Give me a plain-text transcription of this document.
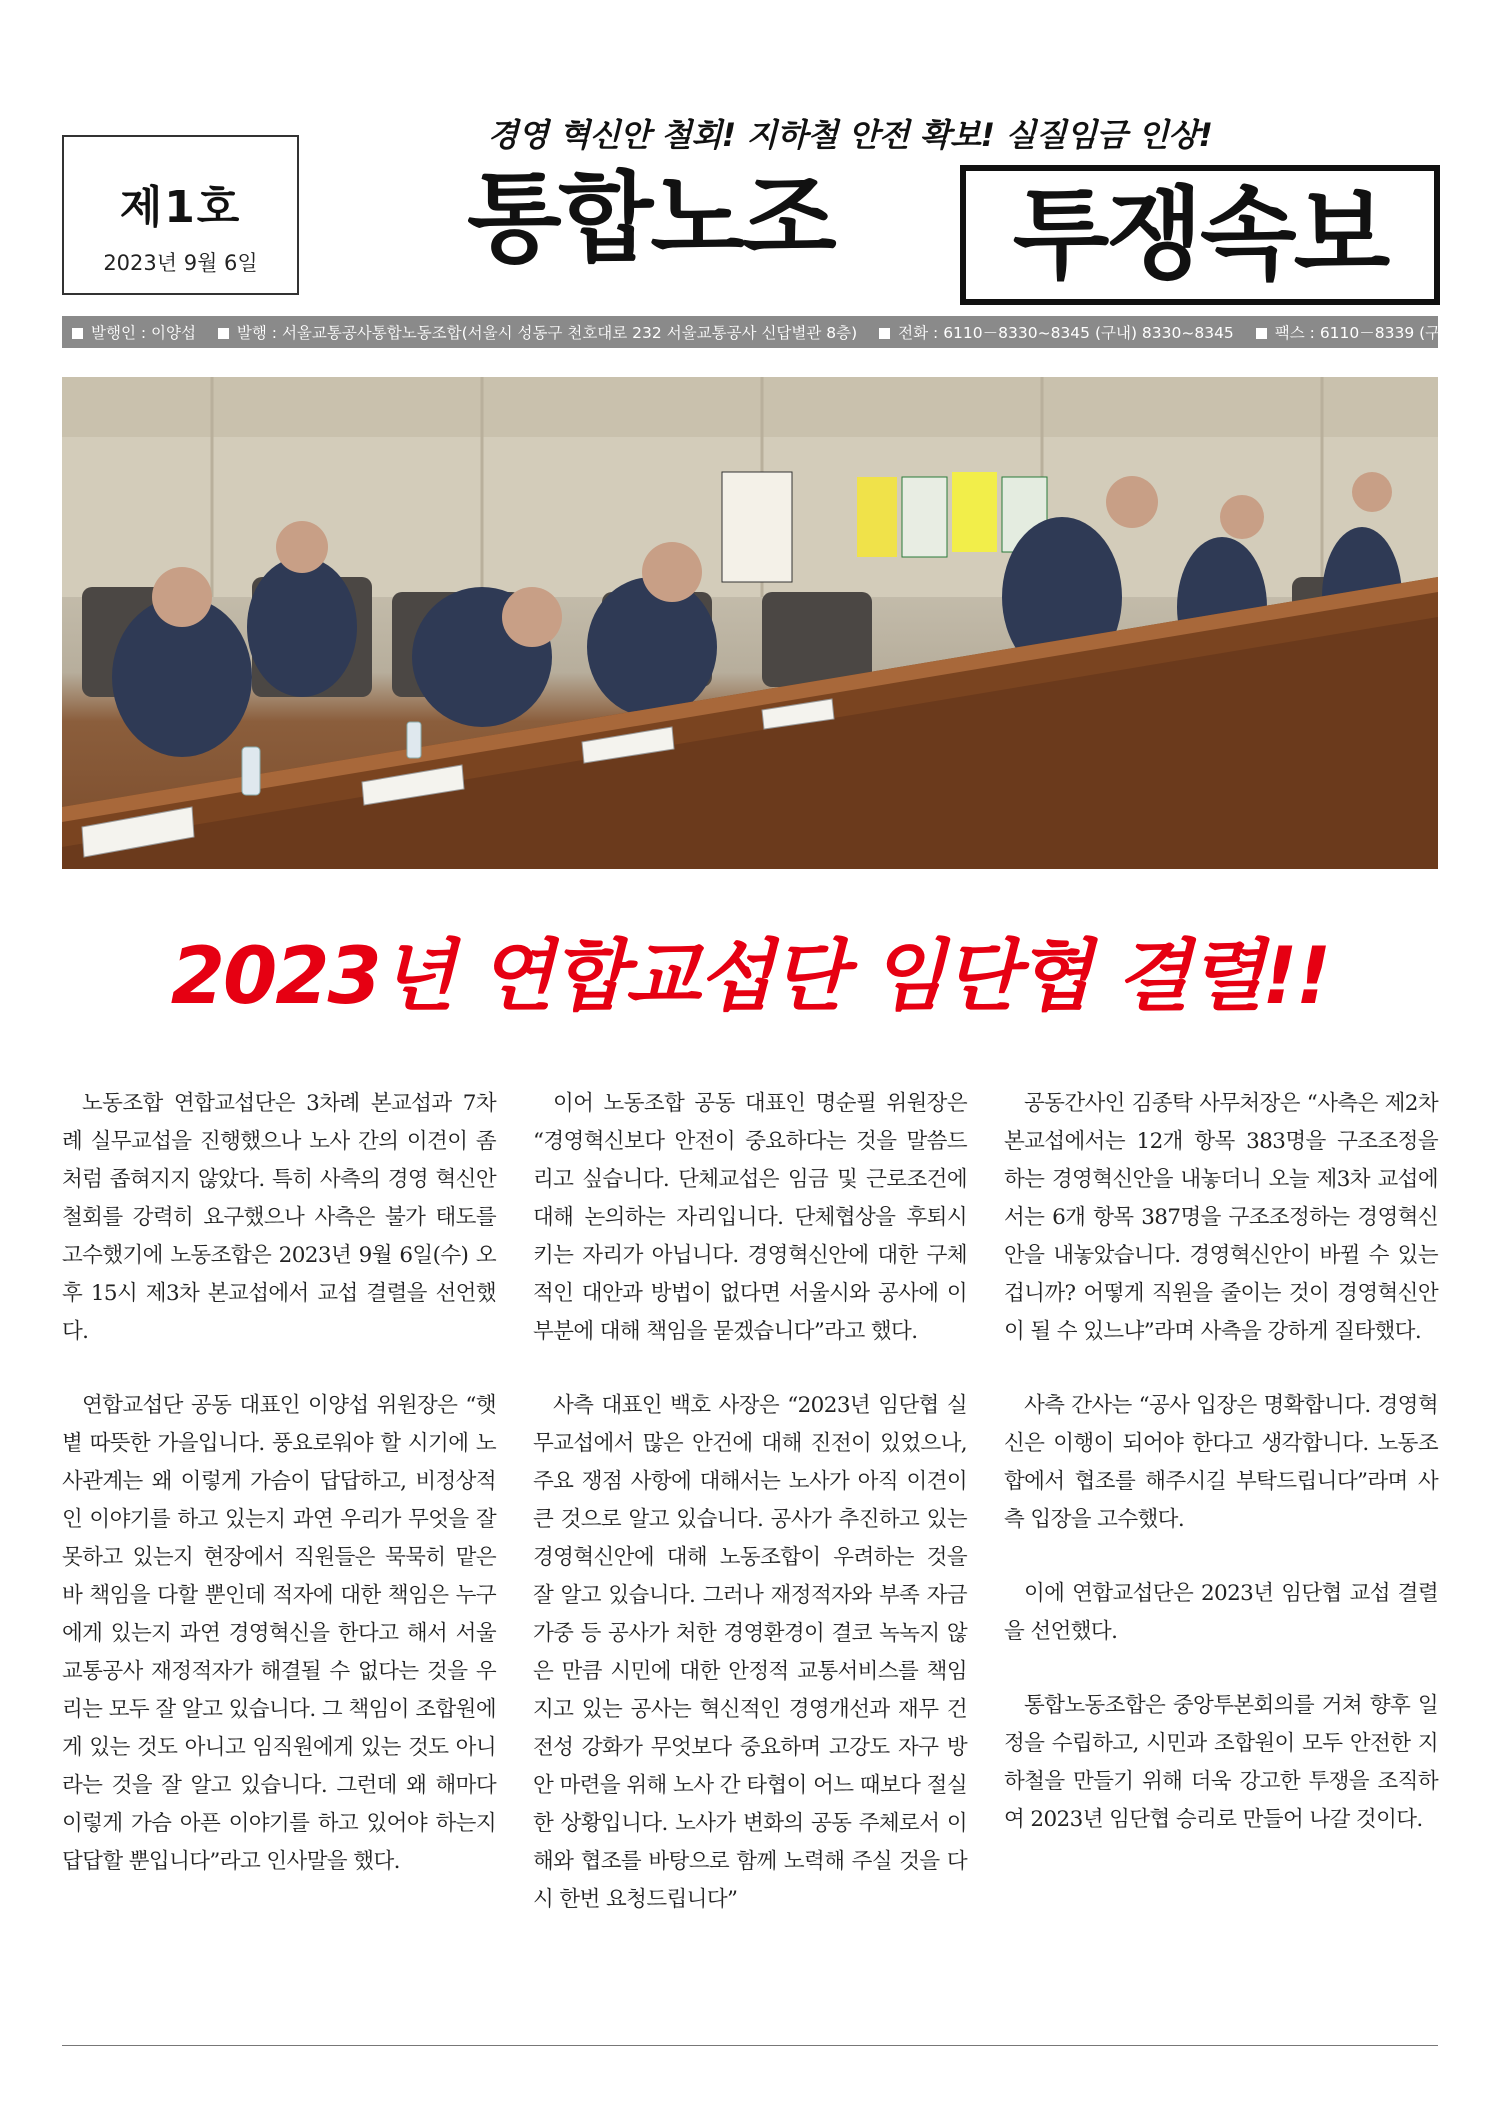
제1호
2023년 9월 6일
경영 혁신안 철회! 지하철 안전 확보! 실질임금 인상!
통합노조 투쟁속보
발행인 : 이양섭	발행 : 서울교통공사통합노동조합(서울시 성동구 천호대로 232 서울교통공사 신답별관 8층)	전화 : 6110－8330~8345 (구내) 8330~8345	팩스 : 6110－8339 (구내) 8339
2023년 연합교섭단 임단협 결렬!!

노동조합 연합교섭단은 3차례 본교섭과 7차례 실무교섭을 진행했으나 노사 간의 이견이 좀처럼 좁혀지지 않았다. 특히 사측의 경영 혁신안 철회를 강력히 요구했으나 사측은 불가 태도를 고수했기에 노동조합은 2023년 9월 6일(수) 오후 15시 제3차 본교섭에서 교섭 결렬을 선언했다.

연합교섭단 공동 대표인 이양섭 위원장은 “햇볕 따뜻한 가을입니다. 풍요로워야 할 시기에 노사관계는 왜 이렇게 가슴이 답답하고, 비정상적인 이야기를 하고 있는지 과연 우리가 무엇을 잘못하고 있는지 현장에서 직원들은 묵묵히 맡은바 책임을 다할 뿐인데 적자에 대한 책임은 누구에게 있는지 과연 경영혁신을 한다고 해서 서울교통공사 재정적자가 해결될 수 없다는 것을 우리는 모두 잘 알고 있습니다. 그 책임이 조합원에게 있는 것도 아니고 임직원에게 있는 것도 아니라는 것을 잘 알고 있습니다. 그런데 왜 해마다 이렇게 가슴 아픈 이야기를 하고 있어야 하는지 답답할 뿐입니다”라고 인사말을 했다.

이어 노동조합 공동 대표인 명순필 위원장은 “경영혁신보다 안전이 중요하다는 것을 말씀드리고 싶습니다. 단체교섭은 임금 및 근로조건에 대해 논의하는 자리입니다. 단체협상을 후퇴시키는 자리가 아닙니다. 경영혁신안에 대한 구체적인 대안과 방법이 없다면 서울시와 공사에 이 부분에 대해 책임을 묻겠습니다”라고 했다.

사측 대표인 백호 사장은 “2023년 임단협 실무교섭에서 많은 안건에 대해 진전이 있었으나, 주요 쟁점 사항에 대해서는 노사가 아직 이견이 큰 것으로 알고 있습니다. 공사가 추진하고 있는 경영혁신안에 대해 노동조합이 우려하는 것을 잘 알고 있습니다. 그러나 재정적자와 부족 자금 가중 등 공사가 처한 경영환경이 결코 녹녹지 않은 만큼 시민에 대한 안정적 교통서비스를 책임지고 있는 공사는 혁신적인 경영개선과 재무 건전성 강화가 무엇보다 중요하며 고강도 자구 방안 마련을 위해 노사 간 타협이 어느 때보다 절실한 상황입니다. 노사가 변화의 공동 주체로서 이해와 협조를 바탕으로 함께 노력해 주실 것을 다시 한번 요청드립니다”

공동간사인 김종탁 사무처장은 “사측은 제2차 본교섭에서는 12개 항목 383명을 구조조정을 하는 경영혁신안을 내놓더니 오늘 제3차 교섭에서는 6개 항목 387명을 구조조정하는 경영혁신안을 내놓았습니다. 경영혁신안이 바뀔 수 있는 겁니까? 어떻게 직원을 줄이는 것이 경영혁신안이 될 수 있느냐”라며 사측을 강하게 질타했다.

사측 간사는 “공사 입장은 명확합니다. 경영혁신은 이행이 되어야 한다고 생각합니다. 노동조합에서 협조를 해주시길 부탁드립니다”라며 사측 입장을 고수했다.

이에 연합교섭단은 2023년 임단협 교섭 결렬을 선언했다.

통합노동조합은 중앙투본회의를 거쳐 향후 일정을 수립하고, 시민과 조합원이 모두 안전한 지하철을 만들기 위해 더욱 강고한 투쟁을 조직하여 2023년 임단협 승리로 만들어 나갈 것이다.
